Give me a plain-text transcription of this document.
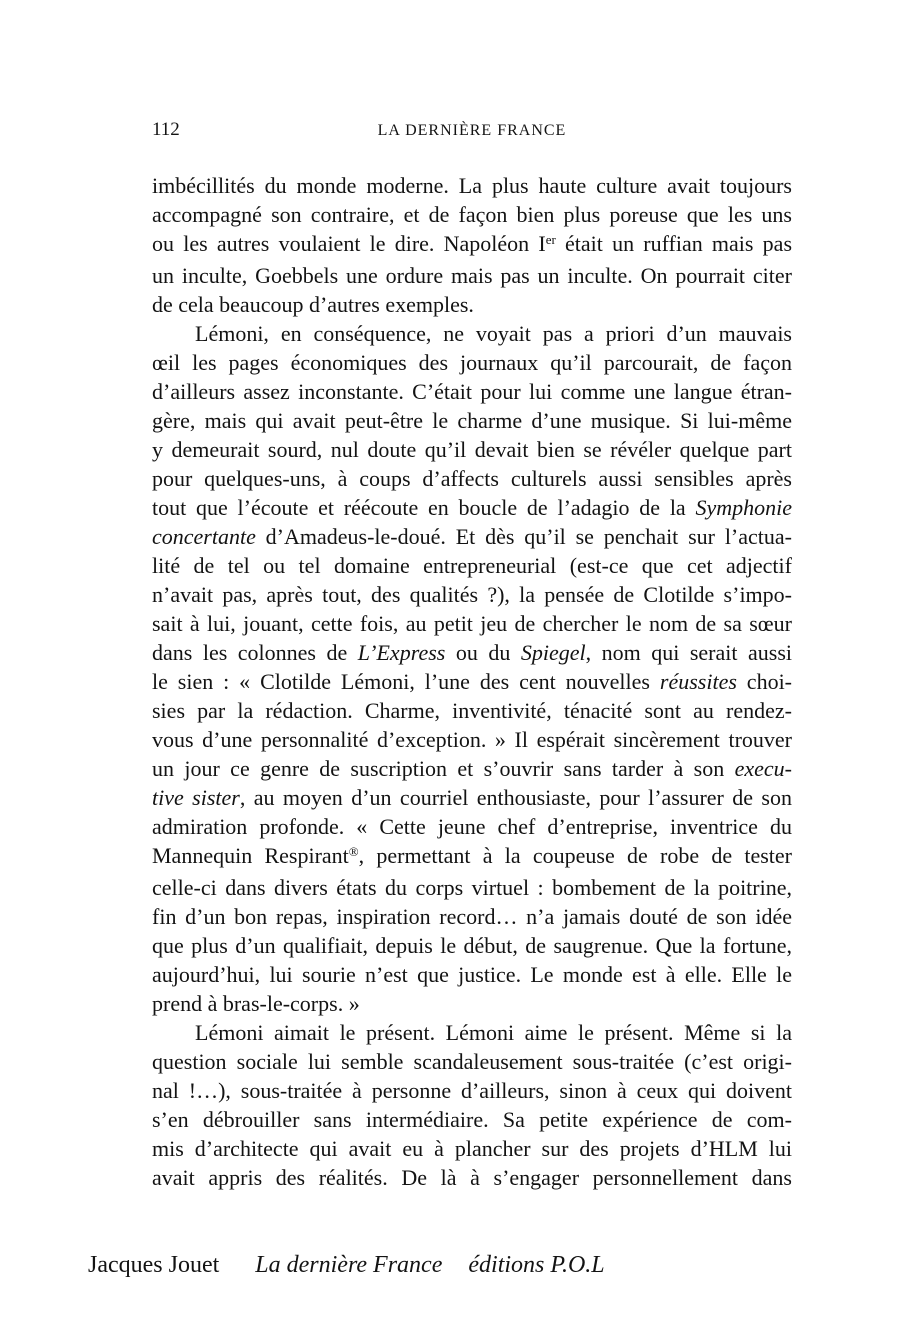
112	LA DERNIÈRE FRANCE
imbécillités du monde moderne. La plus haute culture avait toujours
accompagné son contraire, et de façon bien plus poreuse que les uns
ou les autres voulaient le dire. Napoléon Ier était un ruffian mais pas
un inculte, Goebbels une ordure mais pas un inculte. On pourrait citer
de cela beaucoup d’autres exemples.
Lémoni, en conséquence, ne voyait pas a priori d’un mauvais
œil les pages économiques des journaux qu’il parcourait, de façon
d’ailleurs assez inconstante. C’était pour lui comme une langue étran-
gère, mais qui avait peut-être le charme d’une musique. Si lui-même
y demeurait sourd, nul doute qu’il devait bien se révéler quelque part
pour quelques-uns, à coups d’affects culturels aussi sensibles après
tout que l’écoute et réécoute en boucle de l’adagio de la Symphonie
concertante d’Amadeus-le-doué. Et dès qu’il se penchait sur l’actua-
lité de tel ou tel domaine entrepreneurial (est-ce que cet adjectif
n’avait pas, après tout, des qualités ?), la pensée de Clotilde s’impo-
sait à lui, jouant, cette fois, au petit jeu de chercher le nom de sa sœur
dans les colonnes de L’Express ou du Spiegel, nom qui serait aussi
le sien : « Clotilde Lémoni, l’une des cent nouvelles réussites choi-
sies par la rédaction. Charme, inventivité, ténacité sont au rendez-
vous d’une personnalité d’exception. » Il espérait sincèrement trouver
un jour ce genre de suscription et s’ouvrir sans tarder à son execu-
tive sister, au moyen d’un courriel enthousiaste, pour l’assurer de son
admiration profonde. « Cette jeune chef d’entreprise, inventrice du
Mannequin Respirant®, permettant à la coupeuse de robe de tester
celle-ci dans divers états du corps virtuel : bombement de la poitrine,
fin d’un bon repas, inspiration record… n’a jamais douté de son idée
que plus d’un qualifiait, depuis le début, de saugrenue. Que la fortune,
aujourd’hui, lui sourie n’est que justice. Le monde est à elle. Elle le
prend à bras-le-corps. »
Lémoni aimait le présent. Lémoni aime le présent. Même si la
question sociale lui semble scandaleusement sous-traitée (c’est origi-
nal !…), sous-traitée à personne d’ailleurs, sinon à ceux qui doivent
s’en débrouiller sans intermédiaire. Sa petite expérience de com-
mis d’architecte qui avait eu à plancher sur des projets d’HLM lui
avait appris des réalités. De là à s’engager personnellement dans
Jacques Jouet La dernière France éditions P.O.L
